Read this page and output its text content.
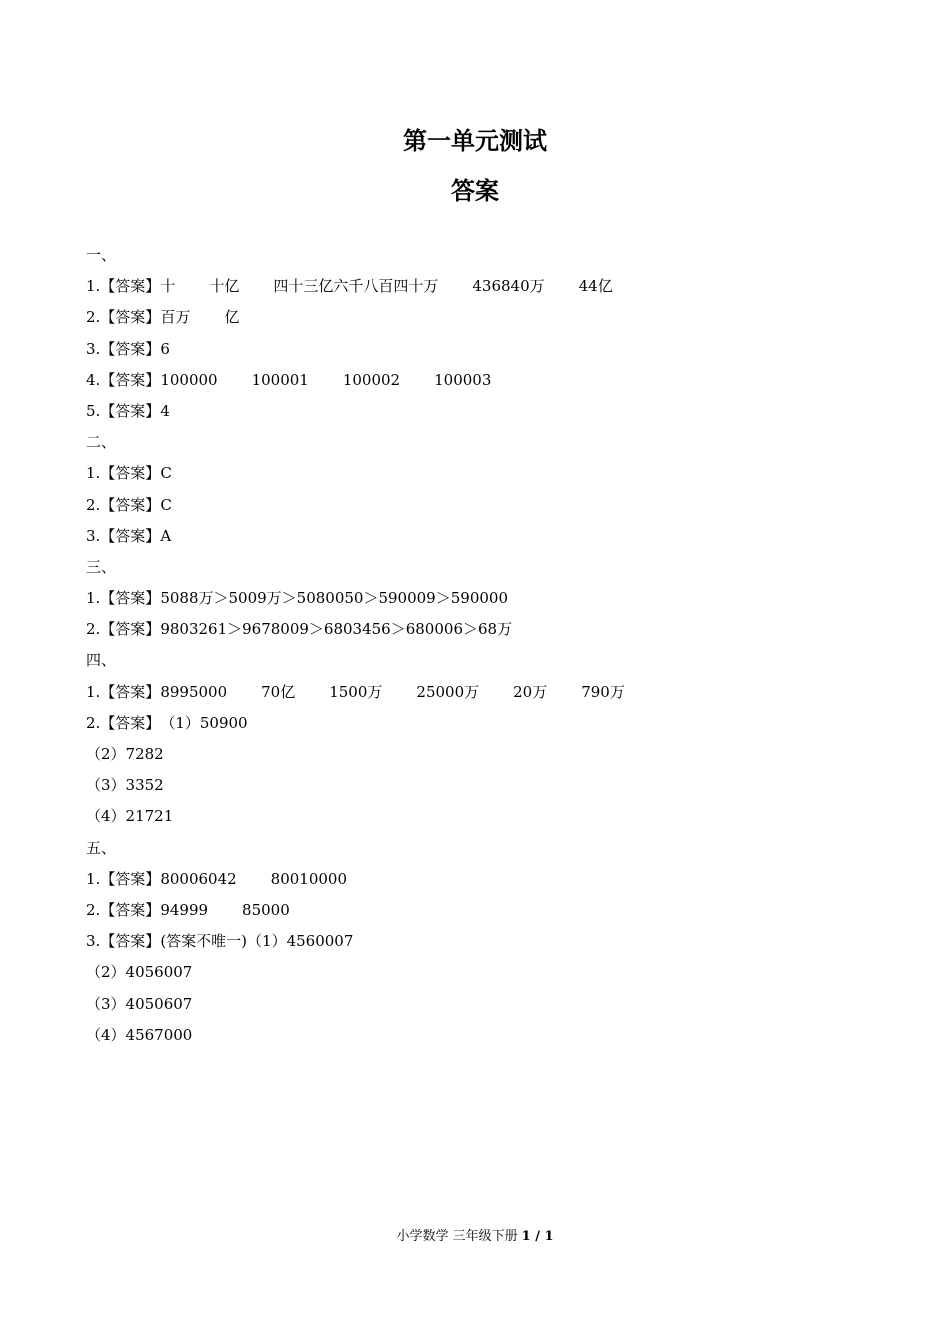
第一单元测试
答案
一、
1.【答案】十 十亿 四十三亿六千八百四十万 436840万 44亿
2.【答案】百万 亿
3.【答案】6
4.【答案】100000 100001 100002 100003
5.【答案】4
二、
1.【答案】C
2.【答案】C
3.【答案】A
三、
1.【答案】5088万＞5009万＞5080050＞590009＞590000
2.【答案】9803261＞9678009＞6803456＞680006＞68万
四、
1.【答案】8995000 70亿 1500万 25000万 20万 790万
2.【答案】（1）50900
（2）7282
（3）3352
（4）21721
五、
1.【答案】80006042 80010000
2.【答案】94999 85000
3.【答案】(答案不唯一)（1）4560007
（2）4056007
（3）4050607
（4）4567000
小学数学 三年级下册 1 / 1
